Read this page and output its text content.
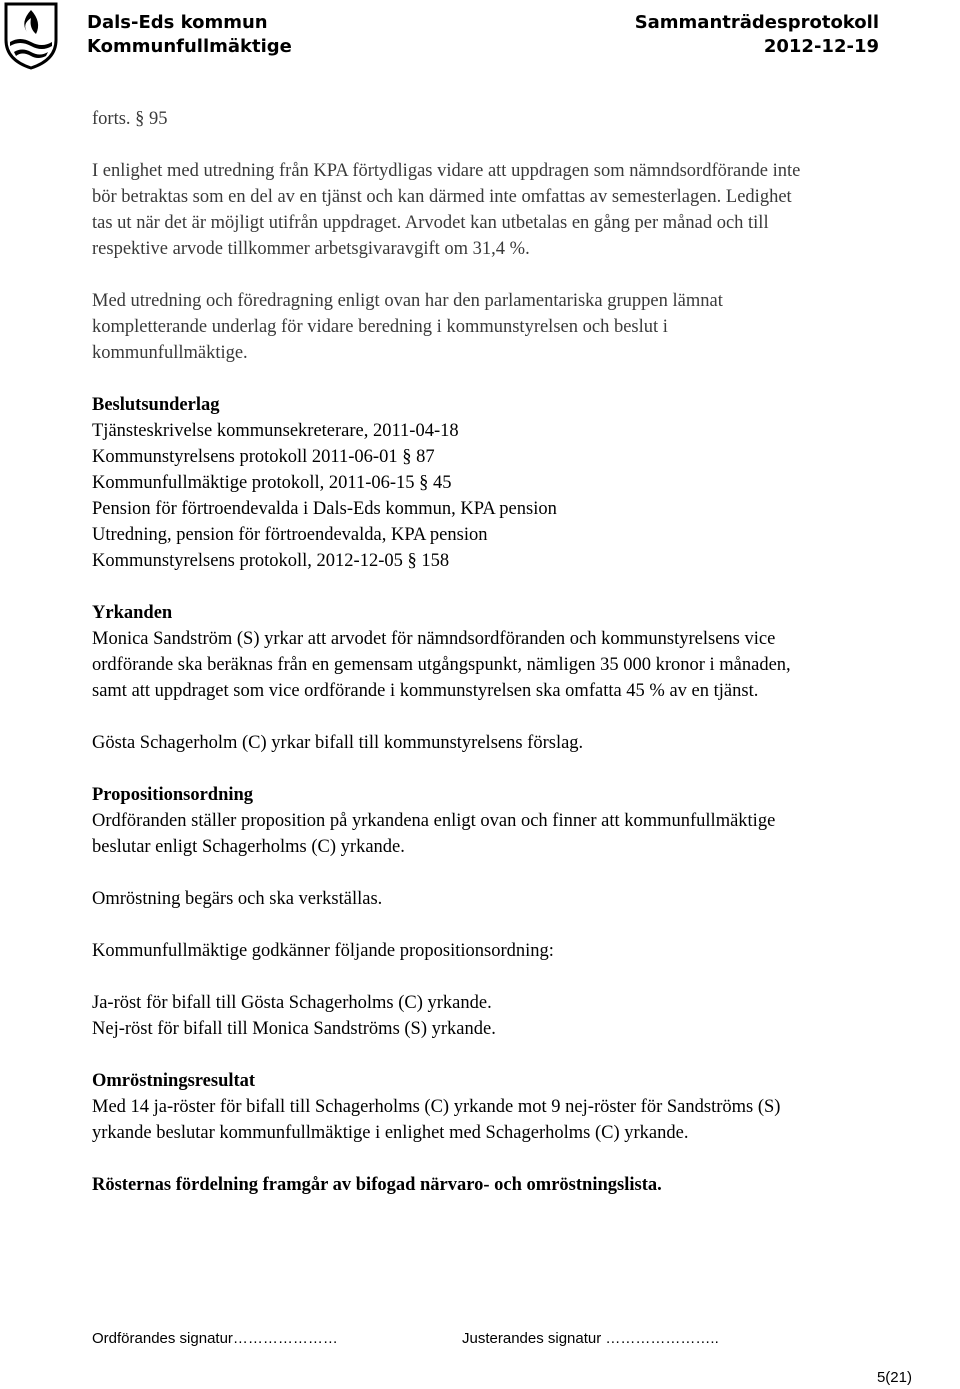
Dals-Eds kommun
Kommunfullmäktige
Sammanträdesprotokoll
2012-12-19

forts. § 95

I enlighet med utredning från KPA förtydligas vidare att uppdragen som nämndsordförande inte

bör betraktas som en del av en tjänst och kan därmed inte omfattas av semesterlagen. Ledighet

tas ut när det är möjligt utifrån uppdraget. Arvodet kan utbetalas en gång per månad och till

respektive arvode tillkommer arbetsgivaravgift om 31,4 %.

Med utredning och föredragning enligt ovan har den parlamentariska gruppen lämnat

kompletterande underlag för vidare beredning i kommunstyrelsen och beslut i

kommunfullmäktige.

Beslutsunderlag

Tjänsteskrivelse kommunsekreterare, 2011-04-18

Kommunstyrelsens protokoll 2011-06-01 § 87

Kommunfullmäktige protokoll, 2011-06-15 § 45

Pension för förtroendevalda i Dals-Eds kommun, KPA pension

Utredning, pension för förtroendevalda, KPA pension

Kommunstyrelsens protokoll, 2012-12-05 § 158

Yrkanden

Monica Sandström (S) yrkar att arvodet för nämndsordföranden och kommunstyrelsens vice

ordförande ska beräknas från en gemensam utgångspunkt, nämligen 35 000 kronor i månaden,

samt att uppdraget som vice ordförande i kommunstyrelsen ska omfatta 45 % av en tjänst.

Gösta Schagerholm (C) yrkar bifall till kommunstyrelsens förslag.

Propositionsordning

Ordföranden ställer proposition på yrkandena enligt ovan och finner att kommunfullmäktige

beslutar enligt Schagerholms (C) yrkande.

Omröstning begärs och ska verkställas.

Kommunfullmäktige godkänner följande propositionsordning:

Ja-röst för bifall till Gösta Schagerholms (C) yrkande.

Nej-röst för bifall till Monica Sandströms (S) yrkande.

Omröstningsresultat

Med 14 ja-röster för bifall till Schagerholms (C) yrkande mot 9 nej-röster för Sandströms (S)

yrkande beslutar kommunfullmäktige i enlighet med Schagerholms (C) yrkande.

Rösternas fördelning framgår av bifogad närvaro- och omröstningslista.

Ordförandes signatur…………………	Justerandes signatur …………………..
5(21)
